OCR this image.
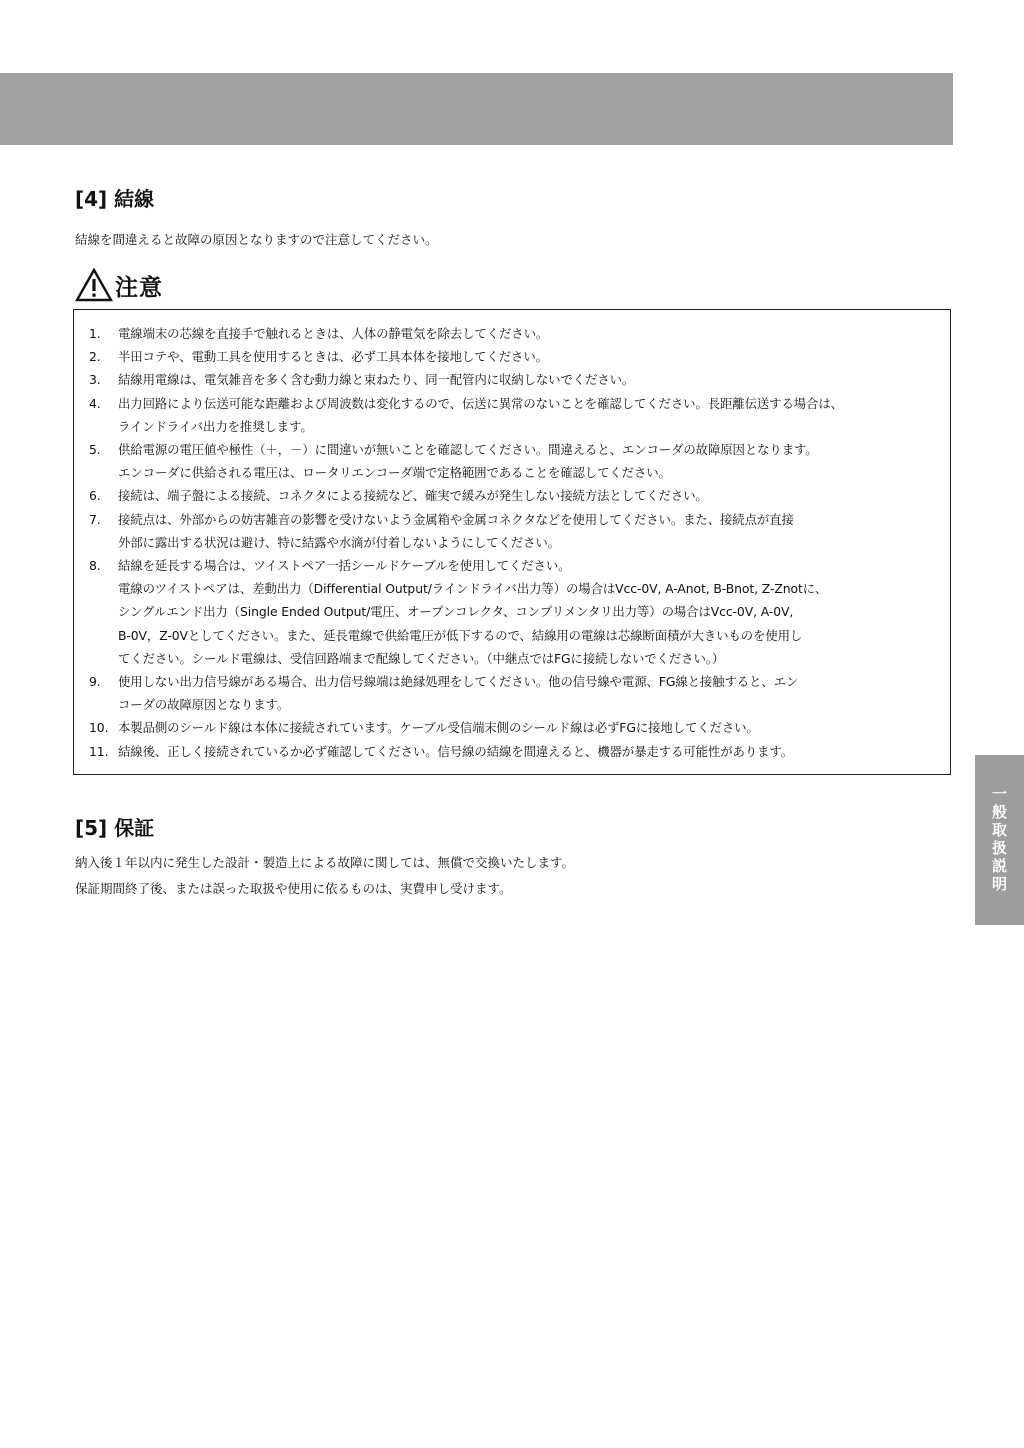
一般取扱説明
[4] 結線

結線を間違えると故障の原因となりますので注意してください。

注意
1.	電線端末の芯線を直接手で触れるときは、人体の静電気を除去してください。
2.	半田コテや、電動工具を使用するときは、必ず工具本体を接地してください。
3.	結線用電線は、電気雑音を多く含む動力線と束ねたり、同一配管内に収納しないでください。
4.	出力回路により伝送可能な距離および周波数は変化するので、伝送に異常のないことを確認してください。長距離伝送する場合は、
ラインドライバ出力を推奨します。
5.	供給電源の電圧値や極性（＋，－）に間違いが無いことを確認してください。間違えると、エンコーダの故障原因となります。
エンコーダに供給される電圧は、ロータリエンコーダ端で定格範囲であることを確認してください。
6.	接続は、端子盤による接続、コネクタによる接続など、確実で緩みが発生しない接続方法としてください。
7.	接続点は、外部からの妨害雑音の影響を受けないよう金属箱や金属コネクタなどを使用してください。また、接続点が直接
外部に露出する状況は避け、特に結露や水滴が付着しないようにしてください。
8.	結線を延長する場合は、ツイストペア一括シールドケーブルを使用してください。
電線のツイストペアは、差動出力（Differential Output/ラインドライバ出力等）の場合はVcc-0V, A-Anot, B-Bnot, Z-Znotに、
シングルエンド出力（Single Ended Output/電圧、オープンコレクタ、コンプリメンタリ出力等）の場合はVcc-0V, A-0V,
B-0V，Z-0Vとしてください。また、延長電線で供給電圧が低下するので、結線用の電線は芯線断面積が大きいものを使用し
てください。シールド電線は、受信回路端まで配線してください。（中継点ではFGに接続しないでください。）
9.	使用しない出力信号線がある場合、出力信号線端は絶縁処理をしてください。他の信号線や電源、FG線と接触すると、エン
コーダの故障原因となります。
10. 本製品側のシールド線は本体に接続されています。ケーブル受信端末側のシールド線は必ずFGに接地してください。
11. 結線後、正しく接続されているか必ず確認してください。信号線の結線を間違えると、機器が暴走する可能性があります。
[5] 保証

納入後１年以内に発生した設計・製造上による故障に関しては、無償で交換いたします。

保証期間終了後、または誤った取扱や使用に依るものは、実費申し受けます。
